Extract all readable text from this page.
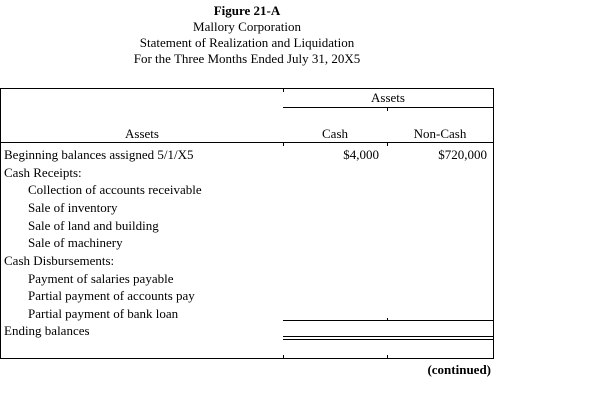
Figure 21-A
Mallory Corporation
Statement of Realization and Liquidation
For the Three Months Ended July 31, 20X5
Assets
Assets	Cash	Non-Cash
Beginning balances assigned 5/1/X5	$4,000	$720,000
Cash Receipts:
Collection of accounts receivable
Sale of inventory
Sale of land and building
Sale of machinery
Cash Disbursements:
Payment of salaries payable
Partial payment of accounts pay
Partial payment of bank loan
Ending balances
(continued)
